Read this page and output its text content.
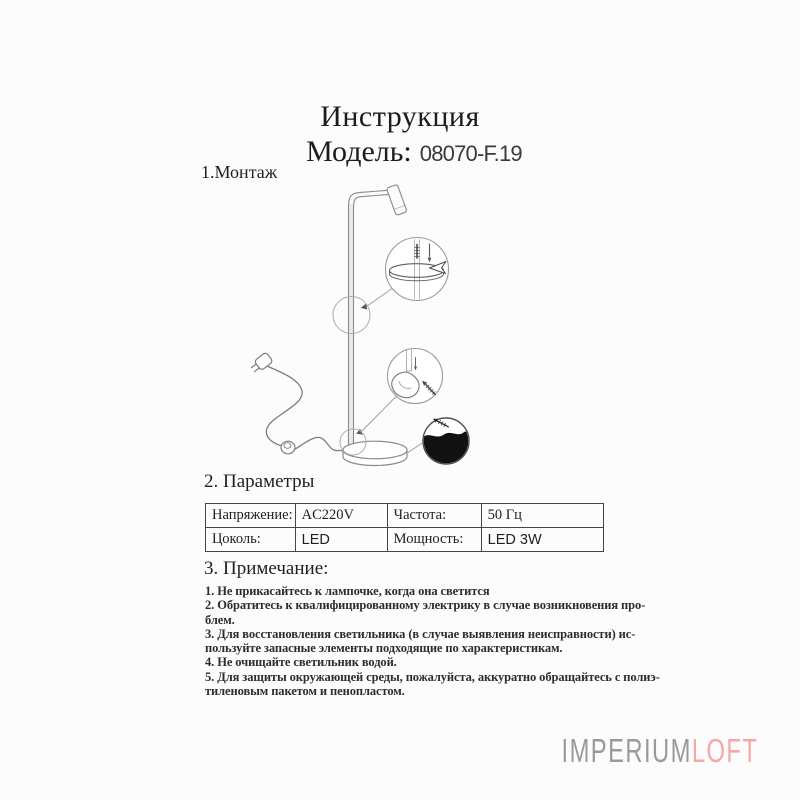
Инструкция
Модель: 08070-F.19
1.Монтаж
2. Параметры
Напряжение:	AC220V	Частота:	50 Гц
Цоколь:	LED	Мощность:	LED 3W
3. Примечание:
1. Не прикасайтесь к лампочке, когда она светится
2. Обратитесь к квалифицированному электрику в случае возникновения про-
блем.
3. Для восстановления светильника (в случае выявления неисправности) ис-
пользуйте запасные элементы подходящие по характеристикам.
4. Не очищайте светильник водой.
5. Для защиты окружающей среды, пожалуйста, аккуратно обращайтесь с полиэ-
тиленовым пакетом и пенопластом.
IMPERIUMLOFT
